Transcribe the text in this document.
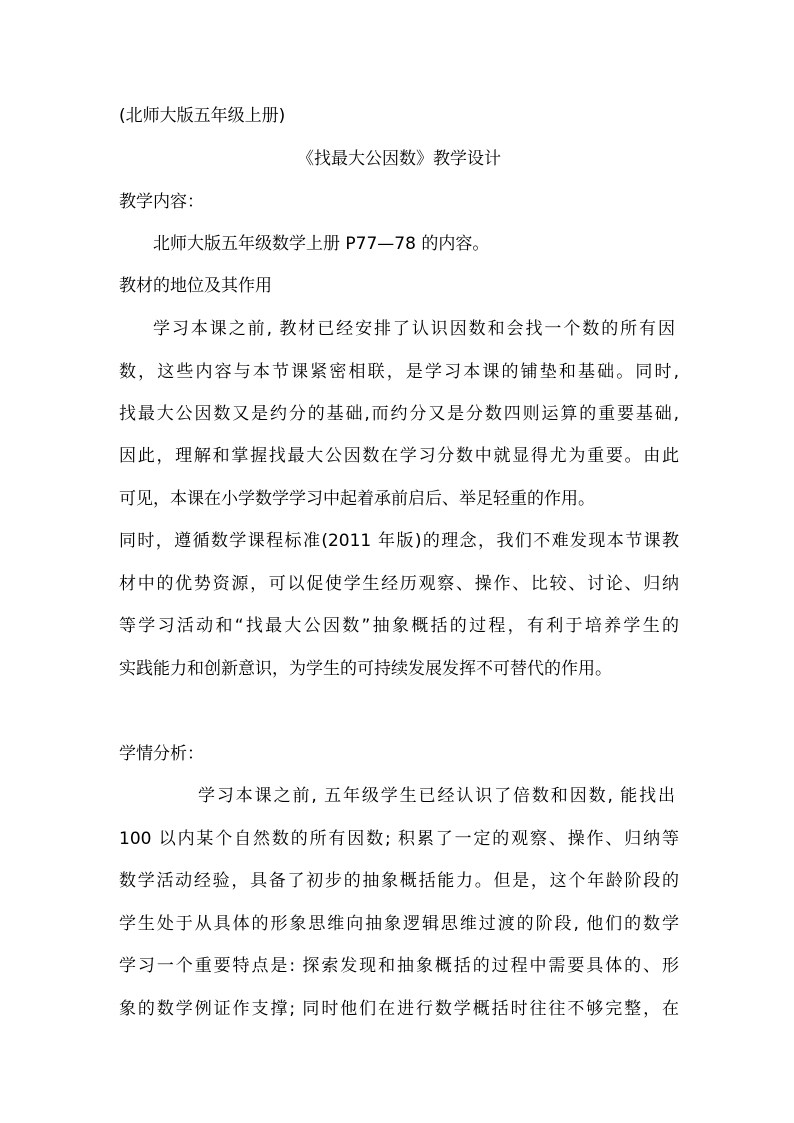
(北师大版五年级上册)
《找最大公因数》教学设计
教学内容：
北师大版五年级数学上册 P77—78 的内容。
教材的地位及其作用
学习本课之前, 教材已经安排了认识因数和会找一个数的所有因
数，这些内容与本节课紧密相联，是学习本课的铺垫和基础。同时,
找最大公因数又是约分的基础,而约分又是分数四则运算的重要基础,
因此，理解和掌握找最大公因数在学习分数中就显得尤为重要。由此
可见，本课在小学数学学习中起着承前启后、举足轻重的作用。
同时，遵循数学课程标准(2011 年版)的理念，我们不难发现本节课教
材中的优势资源，可以促使学生经历观察、操作、比较、讨论、归纳
等学习活动和“找最大公因数”抽象概括的过程，有利于培养学生的
实践能力和创新意识，为学生的可持续发展发挥不可替代的作用。
学情分析：
学习本课之前, 五年级学生已经认识了倍数和因数, 能找出
100 以内某个自然数的所有因数; 积累了一定的观察、操作、归纳等
数学活动经验，具备了初步的抽象概括能力。但是，这个年龄阶段的
学生处于从具体的形象思维向抽象逻辑思维过渡的阶段, 他们的数学
学习一个重要特点是: 探索发现和抽象概括的过程中需要具体的、形
象的数学例证作支撑; 同时他们在进行数学概括时往往不够完整，在
